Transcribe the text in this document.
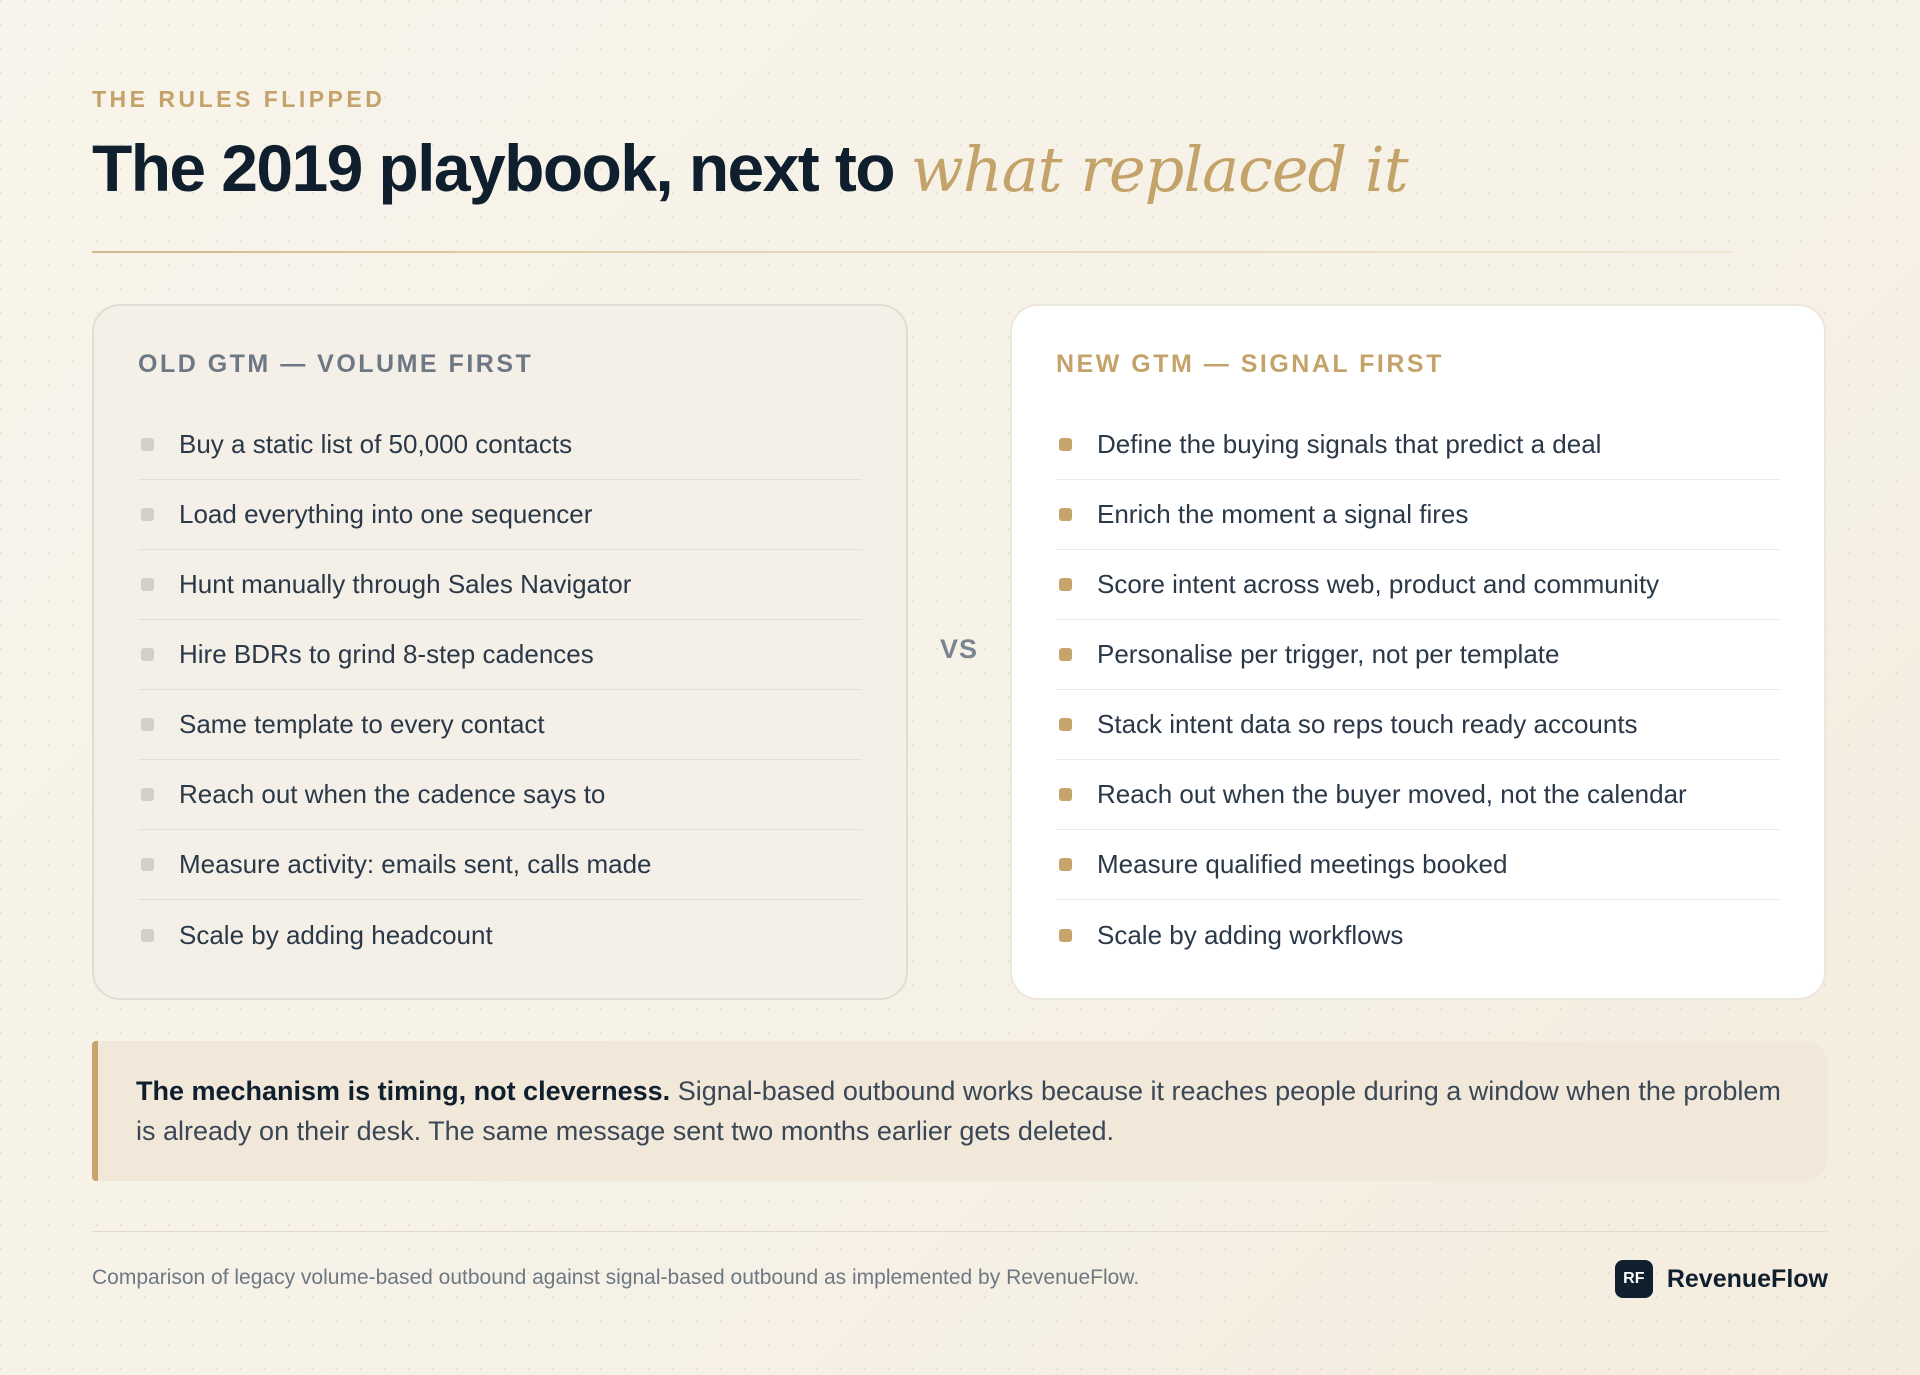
THE RULES FLIPPED
The 2019 playbook, next to what replaced it
OLD GTM — VOLUME FIRST
Buy a static list of 50,000 contacts
Load everything into one sequencer
Hunt manually through Sales Navigator
Hire BDRs to grind 8-step cadences
Same template to every contact
Reach out when the cadence says to
Measure activity: emails sent, calls made
Scale by adding headcount
VS
NEW GTM — SIGNAL FIRST
Define the buying signals that predict a deal
Enrich the moment a signal fires
Score intent across web, product and community
Personalise per trigger, not per template
Stack intent data so reps touch ready accounts
Reach out when the buyer moved, not the calendar
Measure qualified meetings booked
Scale by adding workflows
The mechanism is timing, not cleverness. Signal-based outbound works because it reaches people during a window when the problem is already on their desk. The same message sent two months earlier gets deleted.
Comparison of legacy volume-based outbound against signal-based outbound as implemented by RevenueFlow.	RF RevenueFlow
